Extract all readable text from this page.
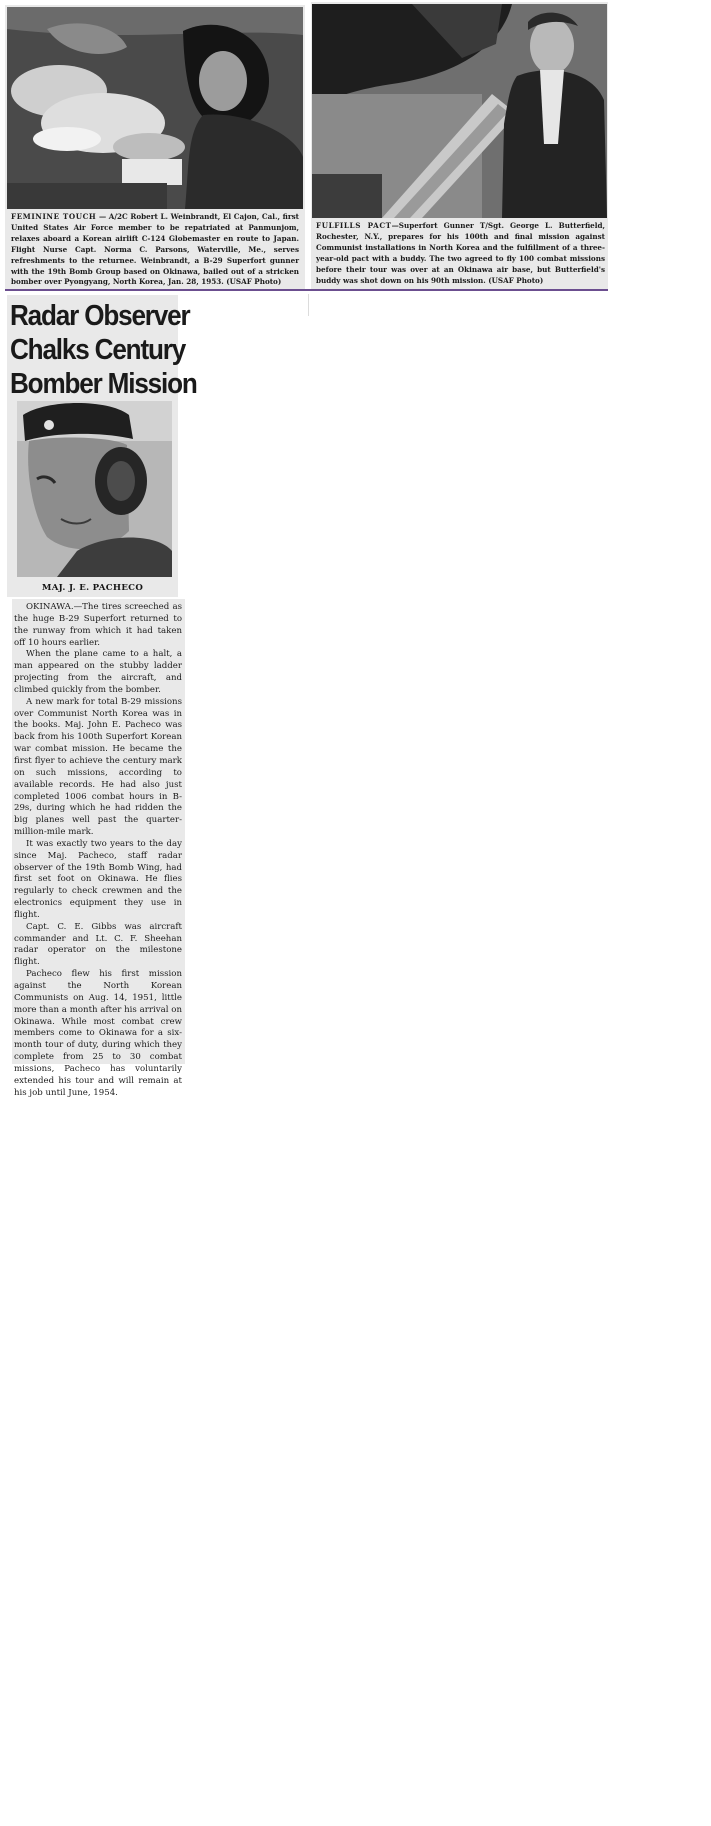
FEMININE TOUCH — A/2C Robert L. Weinbrandt, El Cajon, Cal., first United States Air Force member to be repatriated at Panmunjom, relaxes aboard a Korean airlift C-124 Globemaster en route to Japan. Flight Nurse Capt. Norma C. Parsons, Waterville, Me., serves refreshments to the returnee. Weinbrandt, a B-29 Superfort gunner with the 19th Bomb Group based on Okinawa, bailed out of a stricken bomber over Pyongyang, North Korea, Jan. 28, 1953. (USAF Photo)
FULFILLS PACT—Superfort Gunner T/Sgt. George L. Butterfield, Rochester, N.Y., prepares for his 100th and final mission against Communist installations in North Korea and the fulfillment of a three-year-old pact with a buddy. The two agreed to fly 100 combat missions before their tour was over at an Okinawa air base, but Butterfield's buddy was shot down on his 90th mission. (USAF Photo)
Radar Observer
Chalks Century
Bomber Mission
MAJ. J. E. PACHECO

OKINAWA.—The tires screeched as the huge B-29 Superfort returned to the runway from which it had taken off 10 hours earlier.

When the plane came to a halt, a man appeared on the stubby ladder projecting from the aircraft, and climbed quickly from the bomber.

A new mark for total B-29 missions over Communist North Korea was in the books. Maj. John E. Pacheco was back from his 100th Superfort Korean war combat mission. He became the first flyer to achieve the century mark on such missions, according to available records. He had also just completed 1006 combat hours in B-29s, during which he had ridden the big planes well past the quarter-million-mile mark.

It was exactly two years to the day since Maj. Pacheco, staff radar observer of the 19th Bomb Wing, had first set foot on Okinawa. He flies regularly to check crewmen and the electronics equipment they use in flight.

Capt. C. E. Gibbs was aircraft commander and Lt. C. F. Sheehan radar operator on the milestone flight.

Pacheco flew his first mission against the North Korean Communists on Aug. 14, 1951, little more than a month after his arrival on Okinawa. While most combat crew members come to Okinawa for a six-month tour of duty, during which they complete from 25 to 30 combat missions, Pacheco has voluntarily extended his tour and will remain at his job until June, 1954.
